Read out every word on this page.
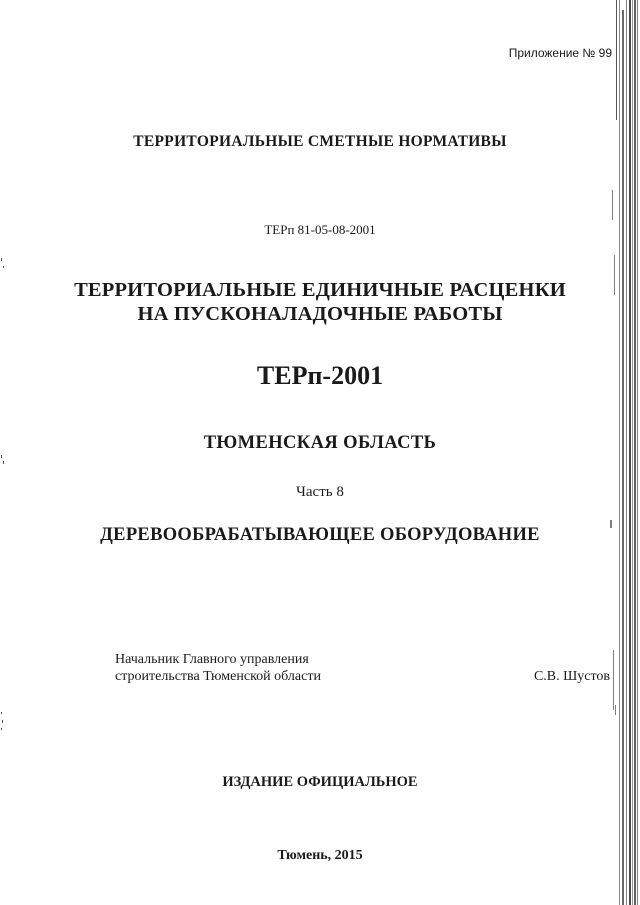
Приложение № 99
ТЕРРИТОРИАЛЬНЫЕ СМЕТНЫЕ НОРМАТИВЫ
ТЕРп 81-05-08-2001
ТЕРРИТОРИАЛЬНЫЕ ЕДИНИЧНЫЕ РАСЦЕНКИ
НА ПУСКОНАЛАДОЧНЫЕ РАБОТЫ
ТЕРп-2001
ТЮМЕНСКАЯ ОБЛАСТЬ
Часть 8
ДЕРЕВООБРАБАТЫВАЮЩЕЕ ОБОРУДОВАНИЕ
Начальник Главного управления
строительства Тюменской области	С.В. Шустов
ИЗДАНИЕ ОФИЦИАЛЬНОЕ
Тюмень, 2015
